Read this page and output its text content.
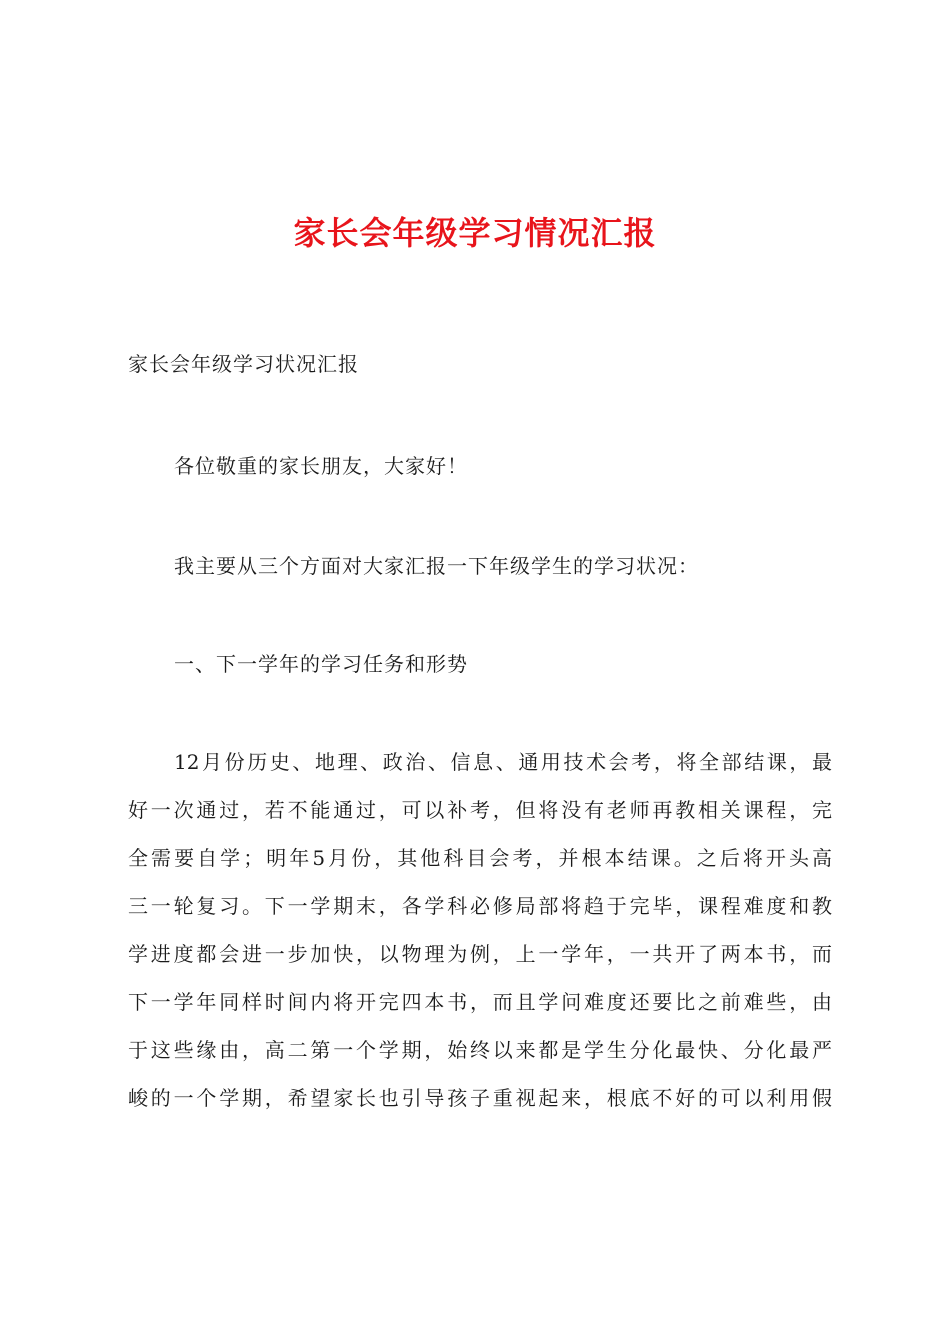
家长会年级学习情况汇报

家长会年级学习状况汇报

各位敬重的家长朋友，大家好！

我主要从三个方面对大家汇报一下年级学生的学习状况：

一、下一学年的学习任务和形势

12月份历史、地理、政治、信息、通用技术会考，将全部结课，最
好一次通过，若不能通过，可以补考，但将没有老师再教相关课程，完
全需要自学；明年5月份，其他科目会考，并根本结课。之后将开头高
三一轮复习。下一学期末，各学科必修局部将趋于完毕，课程难度和教
学进度都会进一步加快，以物理为例，上一学年，一共开了两本书，而
下一学年同样时间内将开完四本书，而且学问难度还要比之前难些，由
于这些缘由，高二第一个学期，始终以来都是学生分化最快、分化最严
峻的一个学期，希望家长也引导孩子重视起来，根底不好的可以利用假
